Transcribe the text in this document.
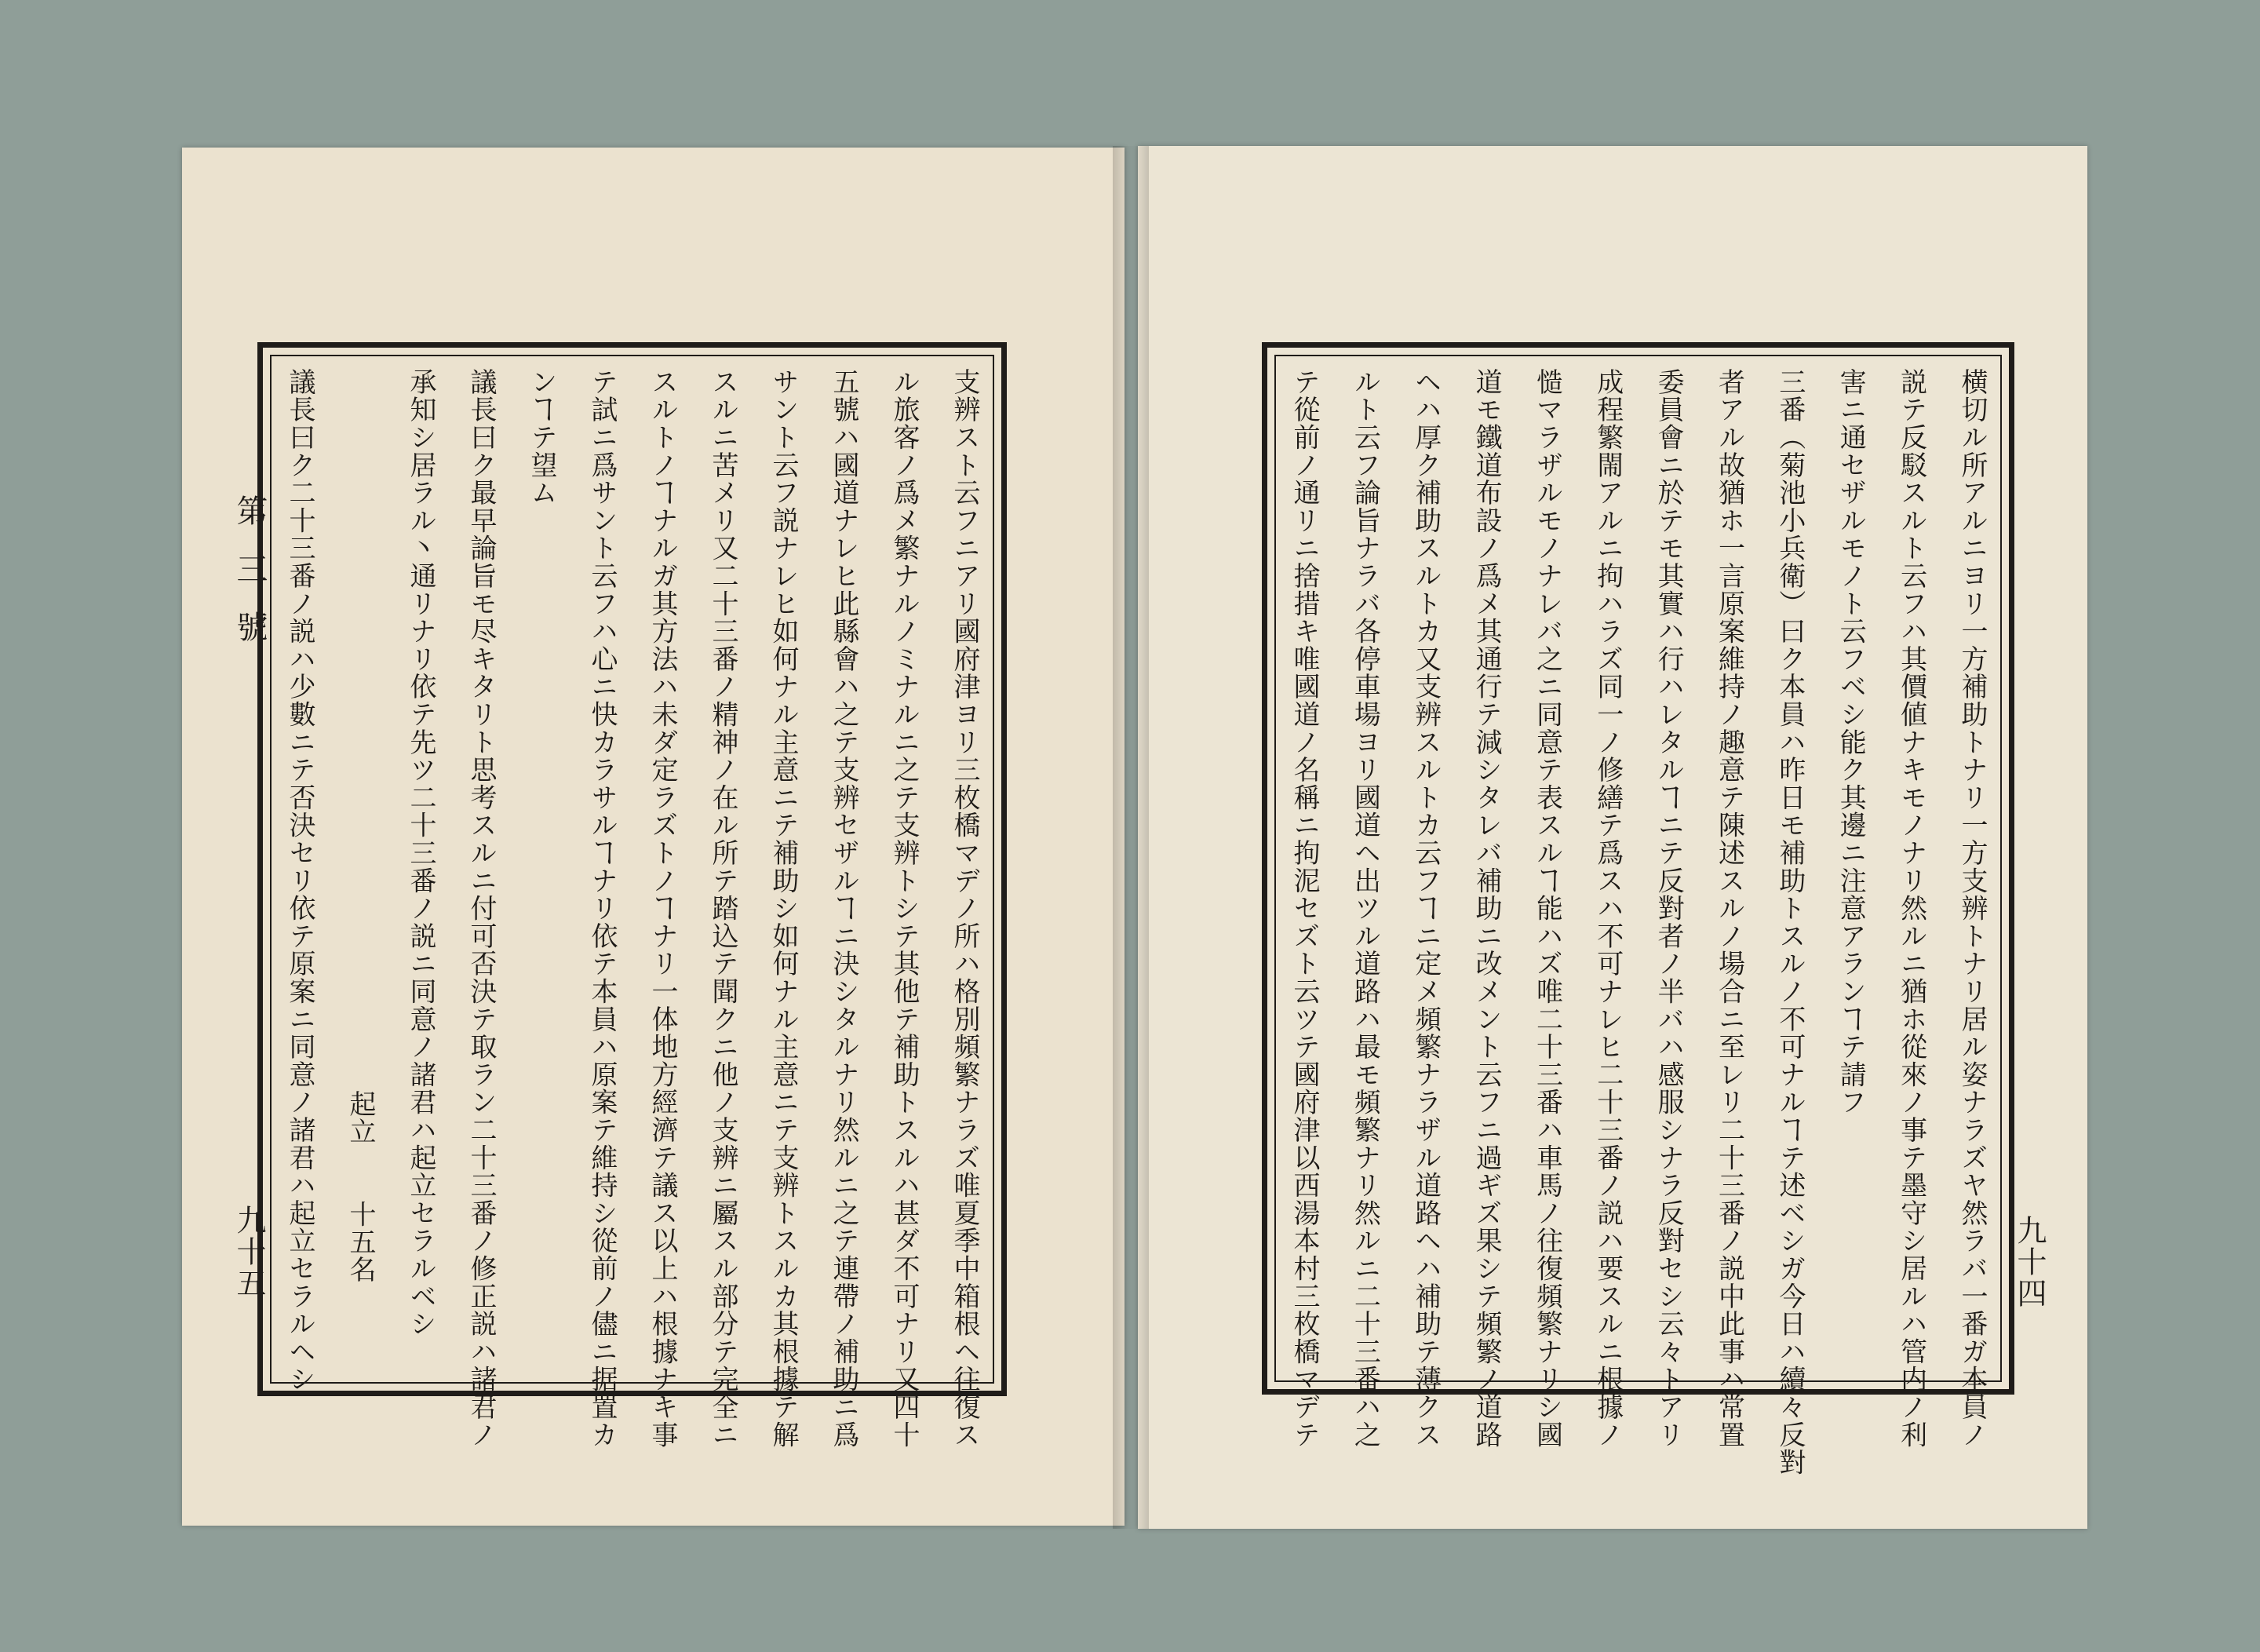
第三號
九十五	九十四
支辨スト云フニアリ國府津ヨリ三枚橋マデノ所ハ格別頻繁ナラズ唯夏季中箱根ヘ往復ス
ル旅客ノ爲メ繁ナルノミナルニ之テ支辨トシテ其他テ補助トスルハ甚ダ不可ナリ又四十
五號ハ國道ナレヒ此縣會ハ之テ支辨セザルヿニ決シタルナリ然ルニ之テ連帶ノ補助ニ爲
サント云フ説ナレヒ如何ナル主意ニテ補助シ如何ナル主意ニテ支辨トスルカ其根據テ解
スルニ苦メリ又二十三番ノ精神ノ在ル所テ踏込テ聞クニ他ノ支辨ニ屬スル部分テ完全ニ
スルトノヿナルガ其方法ハ未ダ定ラズトノヿナリ一体地方經濟テ議ス以上ハ根據ナキ事
テ試ニ爲サント云フハ心ニ快カラサルヿナリ依テ本員ハ原案テ維持シ從前ノ儘ニ据置カ
ンヿテ望ム
議長曰ク最早論旨モ尽キタリト思考スルニ付可否決テ取ラン二十三番ノ修正説ハ諸君ノ
承知シ居ラル丶通リナリ依テ先ツ二十三番ノ説ニ同意ノ諸君ハ起立セラルベシ
起立十五名
議長曰ク二十三番ノ説ハ少數ニテ否決セリ依テ原案ニ同意ノ諸君ハ起立セラルヘシ	横切ル所アルニヨリ一方補助トナリ一方支辨トナリ居ル姿ナラズヤ然ラバ一番ガ本員ノ
説テ反駁スルト云フハ其價値ナキモノナリ然ルニ猶ホ從來ノ事テ墨守シ居ルハ管内ノ利
害ニ通セザルモノト云フベシ能ク其邊ニ注意アランヿテ請フ
三番（菊池小兵衛）曰ク本員ハ昨日モ補助トスルノ不可ナルヿテ述ベシガ今日ハ續々反對
者アル故猶ホ一言原案維持ノ趣意テ陳述スルノ場合ニ至レリ二十三番ノ説中此事ハ常置
委員會ニ於テモ其實ハ行ハレタルヿニテ反對者ノ半バハ感服シナラ反對セシ云々トアリ
成程繁閙アルニ拘ハラズ同一ノ修繕テ爲スハ不可ナレヒ二十三番ノ説ハ要スルニ根據ノ
慥マラザルモノナレバ之ニ同意テ表スルヿ能ハズ唯二十三番ハ車馬ノ往復頻繁ナリシ國
道モ鐵道布設ノ爲メ其通行テ減シタレバ補助ニ改メント云フニ過ギズ果シテ頻繁ノ道路
ヘハ厚ク補助スルトカ又支辨スルトカ云フヿニ定メ頻繁ナラザル道路ヘハ補助テ薄クス
ルト云フ論旨ナラバ各停車場ヨリ國道ヘ出ツル道路ハ最モ頻繁ナリ然ルニ二十三番ハ之
テ從前ノ通リニ捨措キ唯國道ノ名稱ニ拘泥セズト云ツテ國府津以西湯本村三枚橋マデテ
